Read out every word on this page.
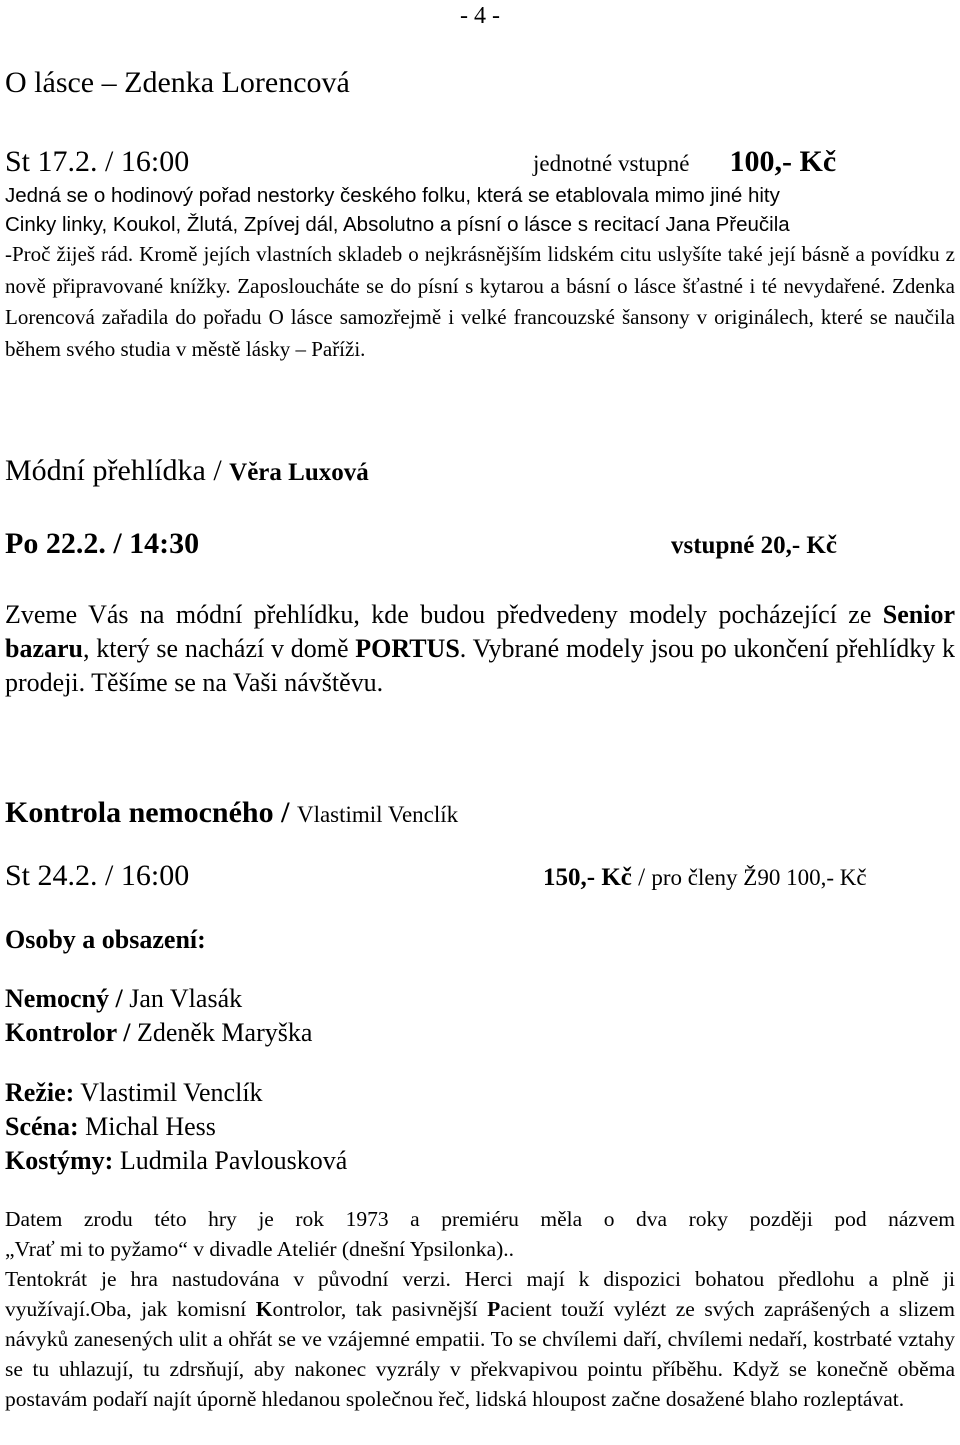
- 4 -
O lásce – Zdenka Lorencová
St 17.2. / 16:00	jednotné vstupné 100,- Kč
Jedná se o hodinový pořad nestorky českého folku, která se etablovala mimo jiné hity
Cinky linky, Koukol, Žlutá, Zpívej dál, Absolutno a písní o lásce s recitací Jana Přeučila
-Proč žiješ rád. Kromě jejích vlastních skladeb o nejkrásnějším lidském citu uslyšíte také její básně a povídku z nově připravované knížky. Zaposloucháte se do písní s kytarou a básní o lásce šťastné i té nevydařené. Zdenka Lorencová zařadila do pořadu O lásce samozřejmě i velké francouzské šansony v originálech, které se naučila během svého studia v městě lásky – Paříži.
Módní přehlídka / Věra Luxová
Po 22.2. / 14:30	vstupné 20,- Kč
Zveme Vás na módní přehlídku, kde budou předvedeny modely pocházející ze Senior bazaru, který se nachází v domě PORTUS. Vybrané modely jsou po ukončení přehlídky k prodeji. Těšíme se na Vaši návštěvu.
Kontrola nemocného / Vlastimil Venclík
St 24.2. / 16:00	150,- Kč / pro členy Ž90 100,- Kč
Osoby a obsazení:
Nemocný / Jan Vlasák
Kontrolor / Zdeněk Maryška
Režie: Vlastimil Venclík
Scéna: Michal Hess
Kostýmy: Ludmila Pavlousková
Datem zrodu této hry je rok 1973 a premiéru měla o dva roky později pod názvem
„Vrať mi to pyžamo“ v divadle Ateliér (dnešní Ypsilonka)..
Tentokrát je hra nastudována v původní verzi. Herci mají k dispozici bohatou předlohu a plně ji využívají.Oba, jak komisní Kontrolor, tak pasivnější Pacient touží vylézt ze svých zaprášených a slizem návyků zanesených ulit a ohřát se ve vzájemné empatii. To se chvílemi daří, chvílemi nedaří, kostrbaté vztahy se tu uhlazují, tu zdrsňují, aby nakonec vyzrály v překvapivou pointu příběhu. Když se konečně oběma postavám podaří najít úporně hledanou společnou řeč, lidská hloupost začne dosažené blaho rozleptávat.
